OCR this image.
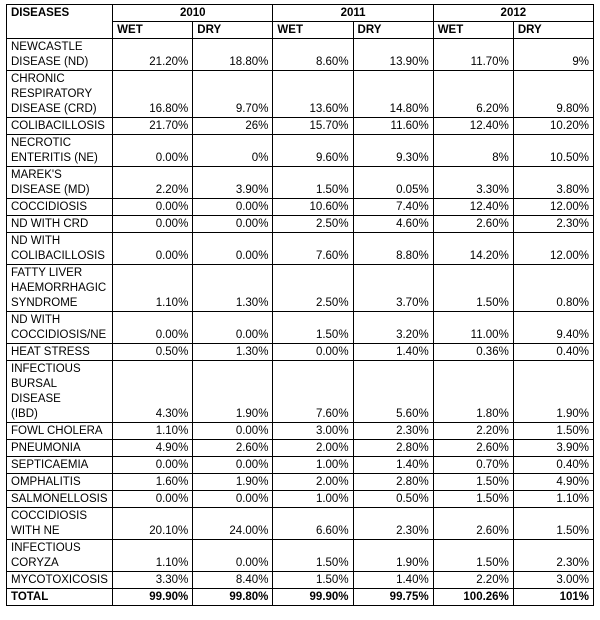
DISEASES	2010		2011		2012	
	WET	DRY	WET	DRY	WET	DRY
NEWCASTLE
DISEASE (ND)	21.20%	18.80%	8.60%	13.90%	11.70%	9%
CHRONIC
RESPIRATORY
DISEASE (CRD)	16.80%	9.70%	13.60%	14.80%	6.20%	9.80%
COLIBACILLOSIS	21.70%	26%	15.70%	11.60%	12.40%	10.20%
NECROTIC
ENTERITIS (NE)	0.00%	0%	9.60%	9.30%	8%	10.50%
MAREK'S
DISEASE (MD)	2.20%	3.90%	1.50%	0.05%	3.30%	3.80%
COCCIDIOSIS	0.00%	0.00%	10.60%	7.40%	12.40%	12.00%
ND WITH CRD	0.00%	0.00%	2.50%	4.60%	2.60%	2.30%
ND WITH
COLIBACILLOSIS	0.00%	0.00%	7.60%	8.80%	14.20%	12.00%
FATTY LIVER
HAEMORRHAGIC
SYNDROME	1.10%	1.30%	2.50%	3.70%	1.50%	0.80%
ND WITH
COCCIDIOSIS/NE	0.00%	0.00%	1.50%	3.20%	11.00%	9.40%
HEAT STRESS	0.50%	1.30%	0.00%	1.40%	0.36%	0.40%
INFECTIOUS
BURSAL DISEASE
(IBD)	4.30%	1.90%	7.60%	5.60%	1.80%	1.90%
FOWL CHOLERA	1.10%	0.00%	3.00%	2.30%	2.20%	1.50%
PNEUMONIA	4.90%	2.60%	2.00%	2.80%	2.60%	3.90%
SEPTICAEMIA	0.00%	0.00%	1.00%	1.40%	0.70%	0.40%
OMPHALITIS	1.60%	1.90%	2.00%	2.80%	1.50%	4.90%
SALMONELLOSIS	0.00%	0.00%	1.00%	0.50%	1.50%	1.10%
COCCIDIOSIS
WITH NE	20.10%	24.00%	6.60%	2.30%	2.60%	1.50%
INFECTIOUS
CORYZA	1.10%	0.00%	1.50%	1.90%	1.50%	2.30%
MYCOTOXICOSIS	3.30%	8.40%	1.50%	1.40%	2.20%	3.00%
TOTAL	99.90%	99.80%	99.90%	99.75%	100.26%	101%
